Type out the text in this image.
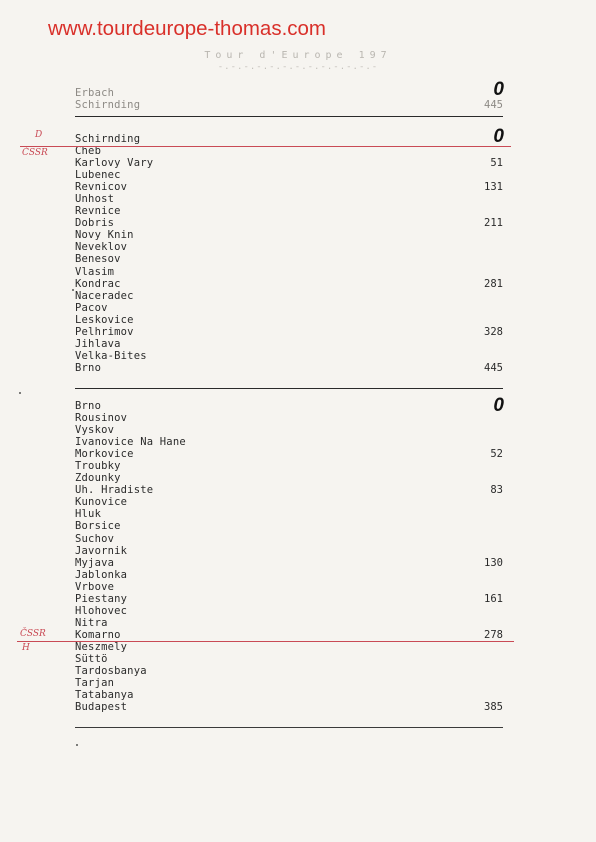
www.tourdeurope-thomas.com
Tour d'Europe 197
-.-.-.-.-.-.-.-.-.-.-.-.-
Erbach
Schirnding	445
0
Schirnding
Cheb
Karlovy Vary	51
Lubenec
Revnicov	131
Unhost
Revnice
Dobris	211
Novy Knin
Neveklov
Benesov
Vlasim
Kondrac	281
Naceradec
Pacov
Leskovice
Pelhrimov	328
Jihlava
Velka-Bites
Brno	445
0
D
ČSSR
Brno
Rousinov
Vyskov
Ivanovice Na Hane
Morkovice	52
Troubky
Zdounky
Uh. Hradiste	83
Kunovice
Hluk
Borsice
Suchov
Javornik
Myjava	130
Jablonka
Vrbove
Piestany	161
Hlohovec
Nitra
Komarno	278
Neszmely
Süttö
Tardosbanya
Tarjan
Tatabanya
Budapest	385
0
ČSSR
H
